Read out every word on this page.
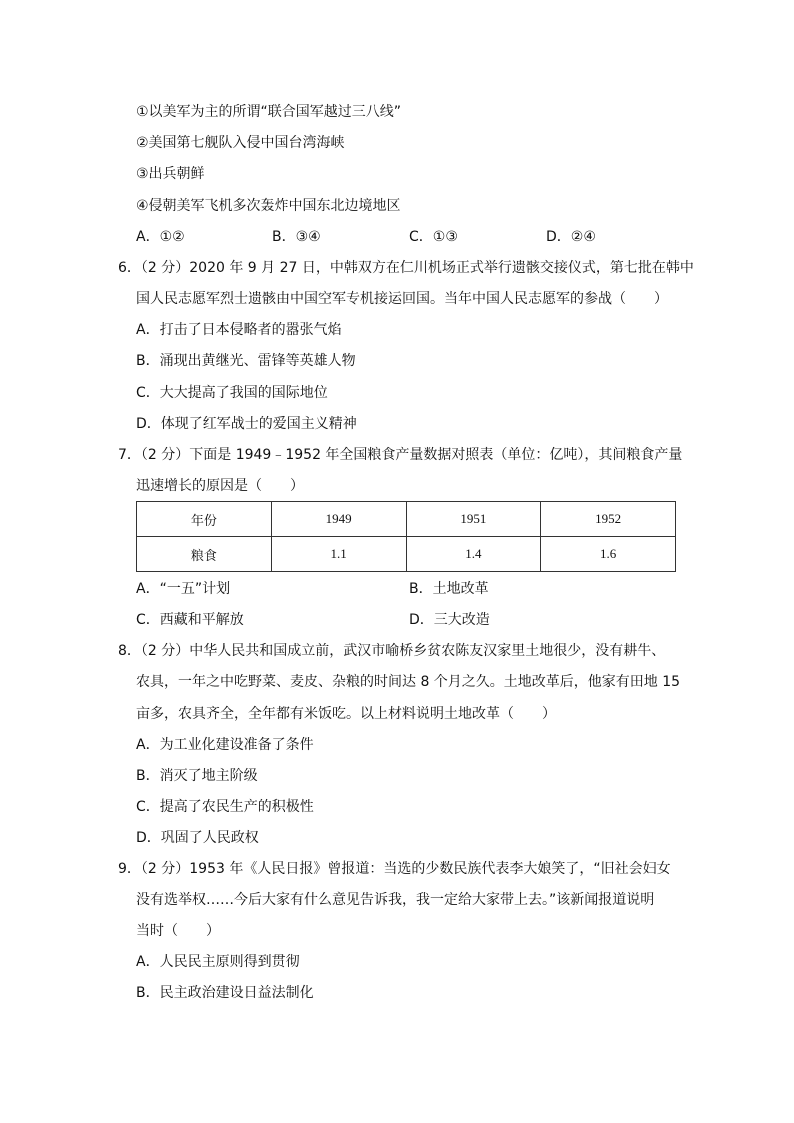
①以美军为主的所谓“联合国军越过三八线”
②美国第七舰队入侵中国台湾海峡
③出兵朝鲜
④侵朝美军飞机多次轰炸中国东北边境地区
A．①②	B．③④	C．①③	D．②④
6．（2 分）2020 年 9 月 27 日，中韩双方在仁川机场正式举行遗骸交接仪式，第七批在韩中
国人民志愿军烈士遗骸由中国空军专机接运回国。当年中国人民志愿军的参战（　　）
A．打击了日本侵略者的嚣张气焰
B．涌现出黄继光、雷锋等英雄人物
C．大大提高了我国的国际地位
D．体现了红军战士的爱国主义精神
7．（2 分）下面是 1949﹣1952 年全国粮食产量数据对照表（单位：亿吨），其间粮食产量
迅速增长的原因是（　　）
年份	1949	1951	1952
粮食	1.1	1.4	1.6
A．“一五”计划	B．土地改革
C．西藏和平解放	D．三大改造
8．（2 分）中华人民共和国成立前，武汉市喻桥乡贫农陈友汉家里土地很少，没有耕牛、
农具，一年之中吃野菜、麦皮、杂粮的时间达 8 个月之久。土地改革后，他家有田地 15
亩多，农具齐全，全年都有米饭吃。以上材料说明土地改革（　　）
A．为工业化建设准备了条件
B．消灭了地主阶级
C．提高了农民生产的积极性
D．巩固了人民政权
9．（2 分）1953 年《人民日报》曾报道：当选的少数民族代表李大娘笑了，“旧社会妇女
没有选举权……今后大家有什么意见告诉我，我一定给大家带上去。”该新闻报道说明
当时（　　）
A．人民民主原则得到贯彻
B．民主政治建设日益法制化
